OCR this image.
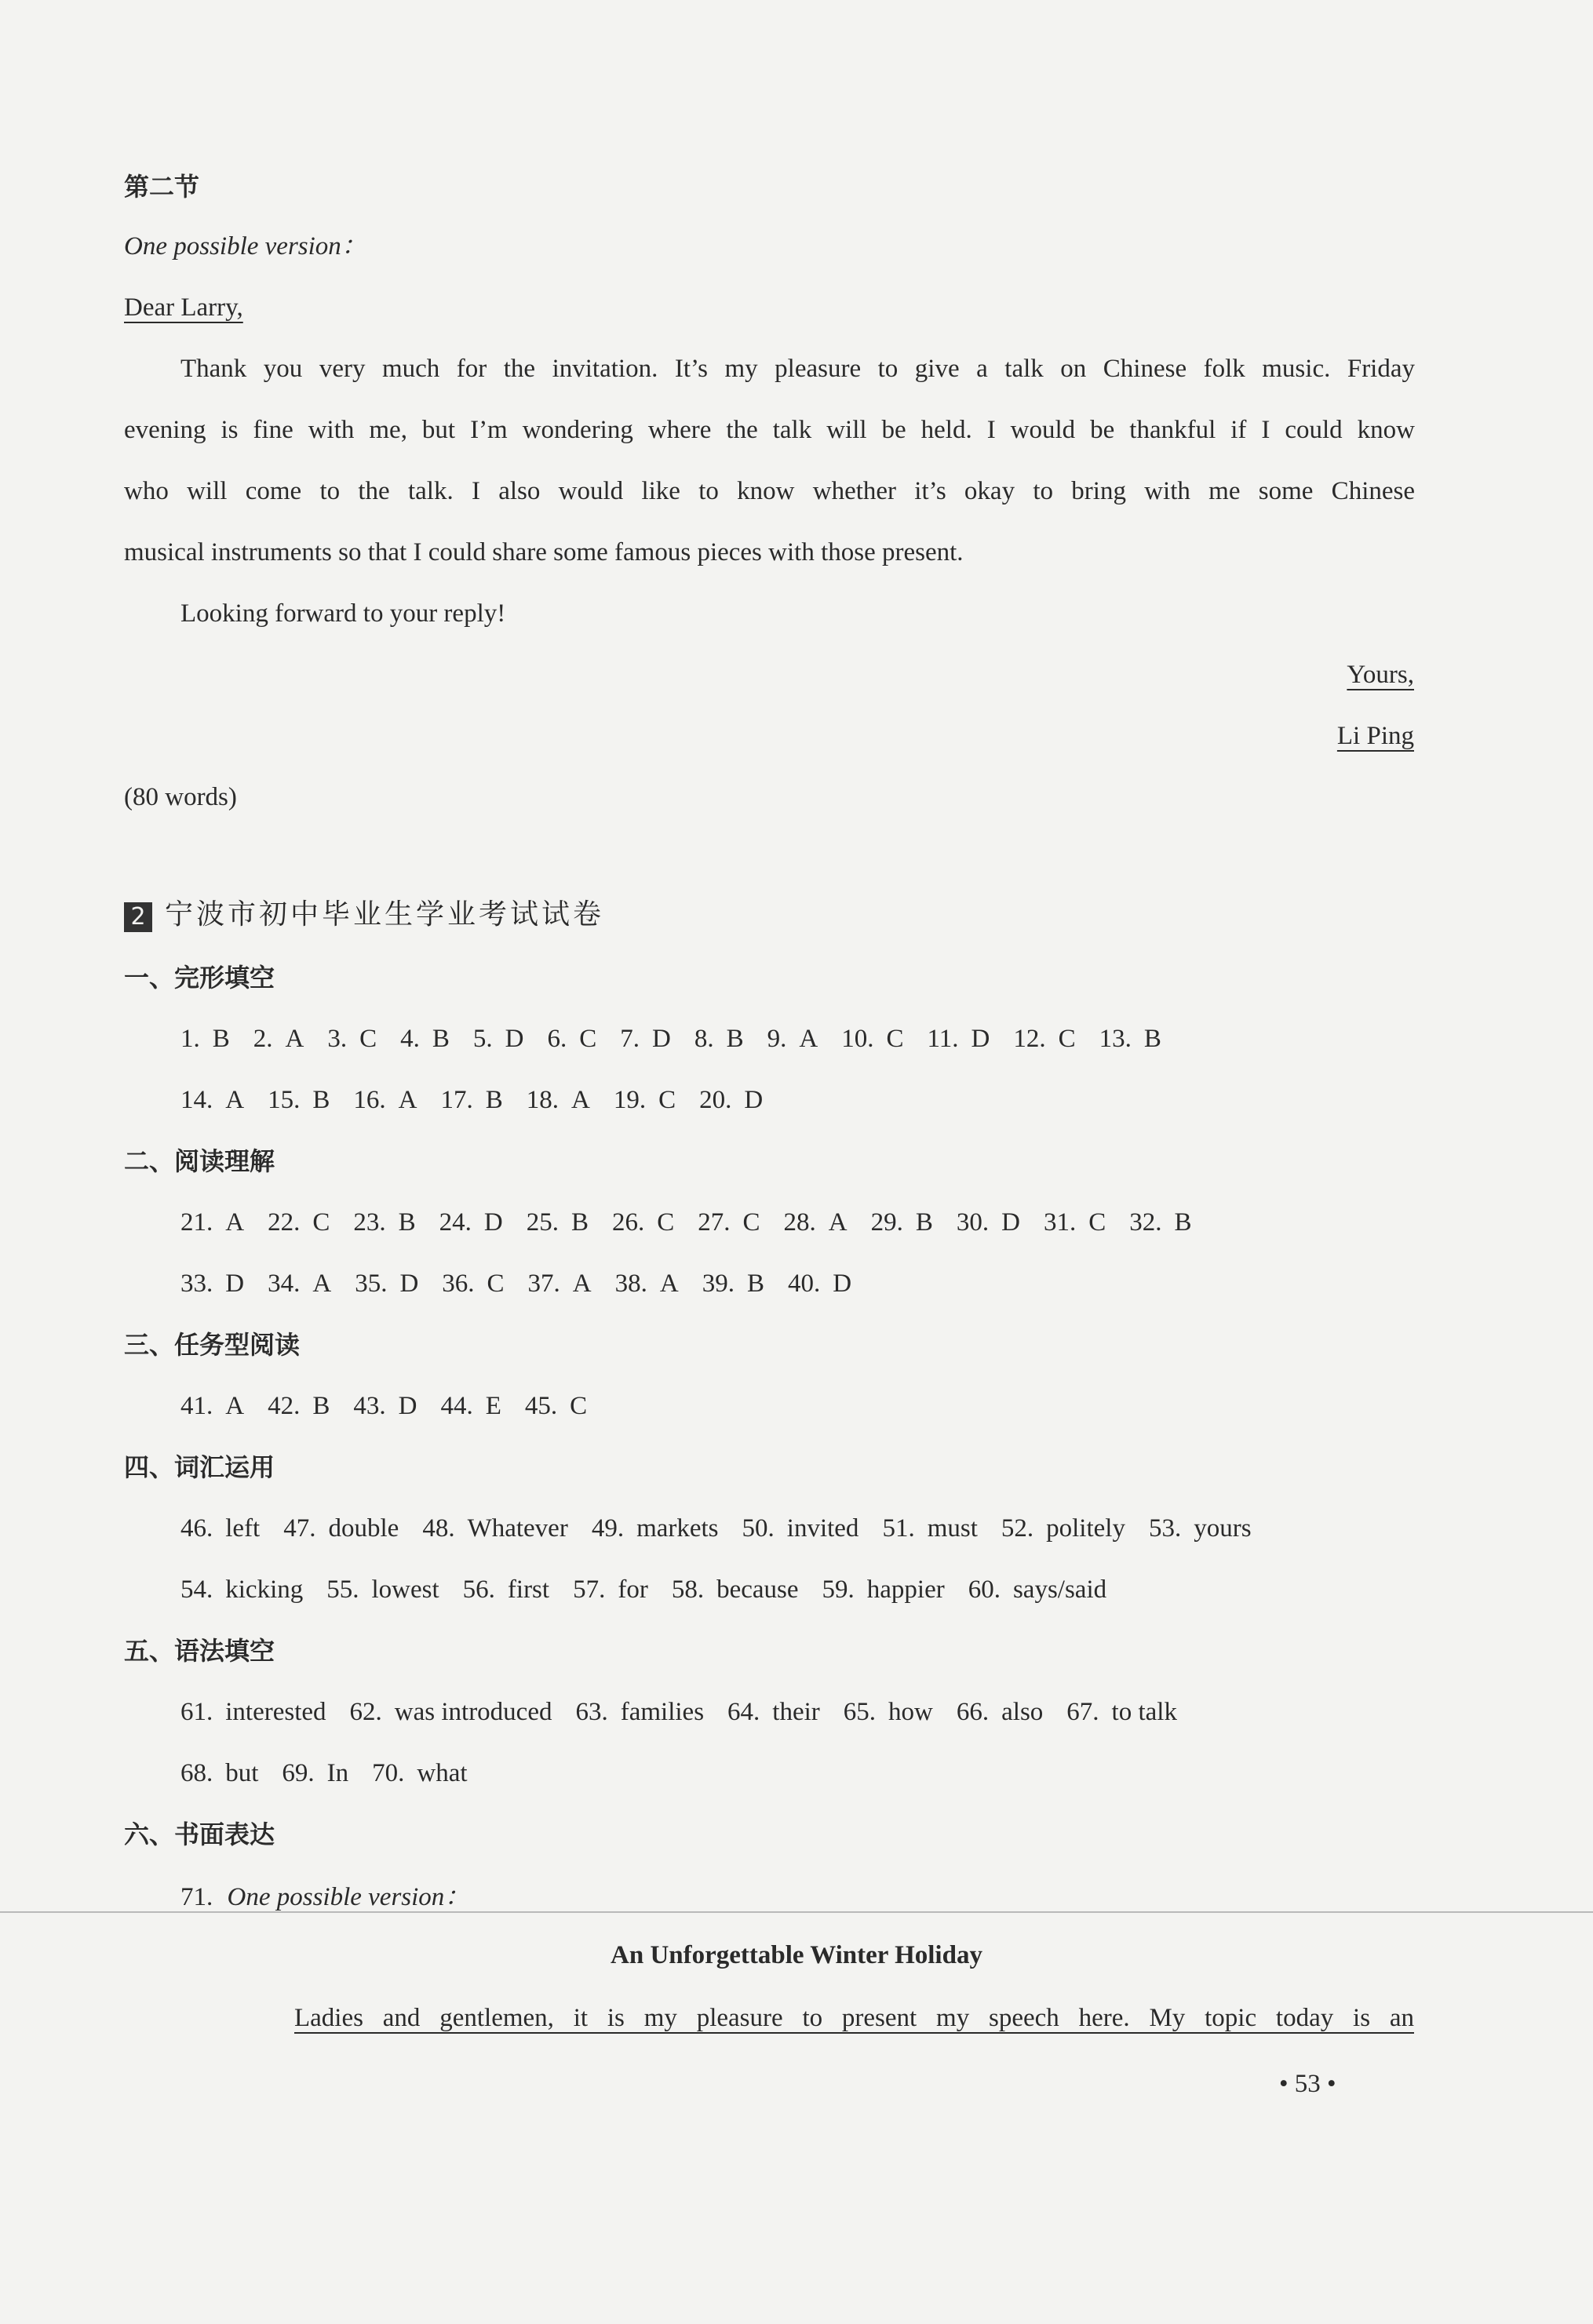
第二节
One possible version：
Dear Larry,
Thank you very much for the invitation. It’s my pleasure to give a talk on Chinese folk music. Friday
evening is fine with me, but I’m wondering where the talk will be held. I would be thankful if I could know
who will come to the talk. I also would like to know whether it’s okay to bring with me some Chinese
musical instruments so that I could share some famous pieces with those present.
Looking forward to your reply!
Yours,
Li Ping
(80 words)
2 宁波市初中毕业生学业考试试卷
一、完形填空
1. B 2. A 3. C 4. B 5. D 6. C 7. D 8. B 9. A 10. C 11. D 12. C 13. B
14. A 15. B 16. A 17. B 18. A 19. C 20. D
二、阅读理解
21. A 22. C 23. B 24. D 25. B 26. C 27. C 28. A 29. B 30. D 31. C 32. B
33. D 34. A 35. D 36. C 37. A 38. A 39. B 40. D
三、任务型阅读
41. A 42. B 43. D 44. E 45. C
四、词汇运用
46. left 47. double 48. Whatever 49. markets 50. invited 51. must 52. politely 53. yours
54. kicking 55. lowest 56. first 57. for 58. because 59. happier 60. says/said
五、语法填空
61. interested 62. was introduced 63. families 64. their 65. how 66. also 67. to talk
68. but 69. In 70. what
六、书面表达
71. One possible version：
An Unforgettable Winter Holiday
Ladies and gentlemen, it is my pleasure to present my speech here. My topic today is an
• 53 •
